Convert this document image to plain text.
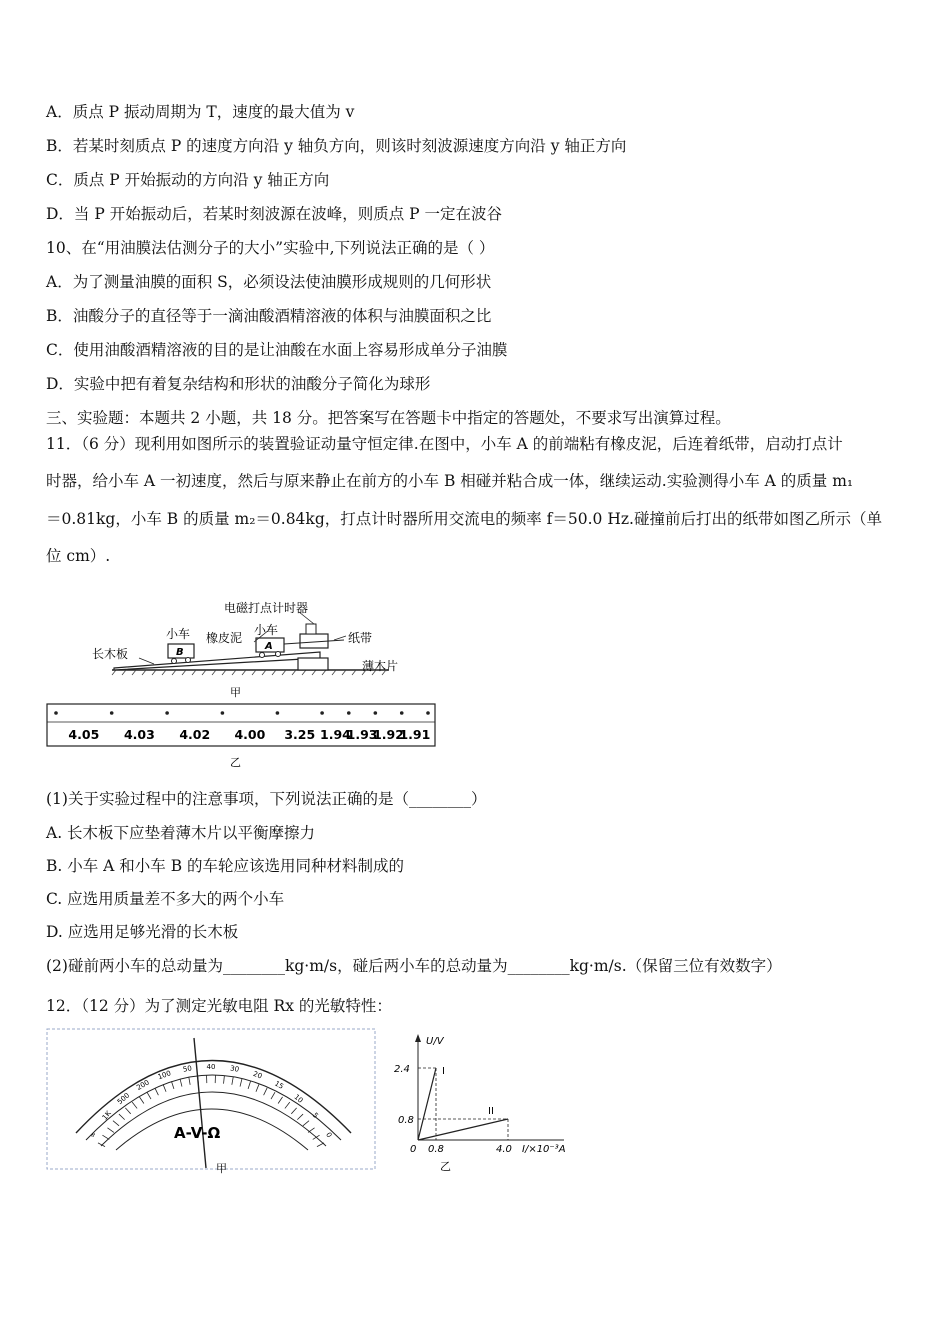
A．质点 P 振动周期为 T，速度的最大值为 v
B．若某时刻质点 P 的速度方向沿 y 轴负方向，则该时刻波源速度方向沿 y 轴正方向
C．质点 P 开始振动的方向沿 y 轴正方向
D．当 P 开始振动后，若某时刻波源在波峰，则质点 P 一定在波谷
10、在“用油膜法估测分子的大小”实验中,下列说法正确的是（ ）
A．为了测量油膜的面积 S，必须设法使油膜形成规则的几何形状
B．油酸分子的直径等于一滴油酸酒精溶液的体积与油膜面积之比
C．使用油酸酒精溶液的目的是让油酸在水面上容易形成单分子油膜
D．实验中把有着复杂结构和形状的油酸分子简化为球形
三、实验题：本题共 2 小题，共 18 分。把答案写在答题卡中指定的答题处，不要求写出演算过程。
11．（6 分）现利用如图所示的装置验证动量守恒定律.在图中，小车 A 的前端粘有橡皮泥，后连着纸带，启动打点计
时器，给小车 A 一初速度，然后与原来静止在前方的小车 B 相碰并粘合成一体，继续运动.实验测得小车 A 的质量 m₁
＝0.81kg，小车 B 的质量 m₂＝0.84kg，打点计时器所用交流电的频率 f＝50.0 Hz.碰撞前后打出的纸带如图乙所示（单
位 cm）.
B
A
电磁打点计时器
小车 橡皮泥
小车
纸带
长木板
薄木片
甲
4.05 4.03 4.02 4.00 3.25 1.94
1.93
1.92
1.91
乙
(1)关于实验过程中的注意事项，下列说法正确的是（________）
A. 长木板下应垫着薄木片以平衡摩擦力
B. 小车 A 和小车 B 的车轮应该选用同种材料制成的
C. 应选用质量差不多大的两个小车
D. 应选用足够光滑的长木板
(2)碰前两小车的总动量为________kg·m/s，碰后两小车的总动量为________kg·m/s.（保留三位有效数字）
12．（12 分）为了测定光敏电阻 Rx 的光敏特性：
∞
1K
500
200
100
50 40 30
20
15
10
5
0
A-V-Ω
甲
U/V
I/×10⁻³A
2.4
0.8
0 0.8	4.0
I
II
乙
